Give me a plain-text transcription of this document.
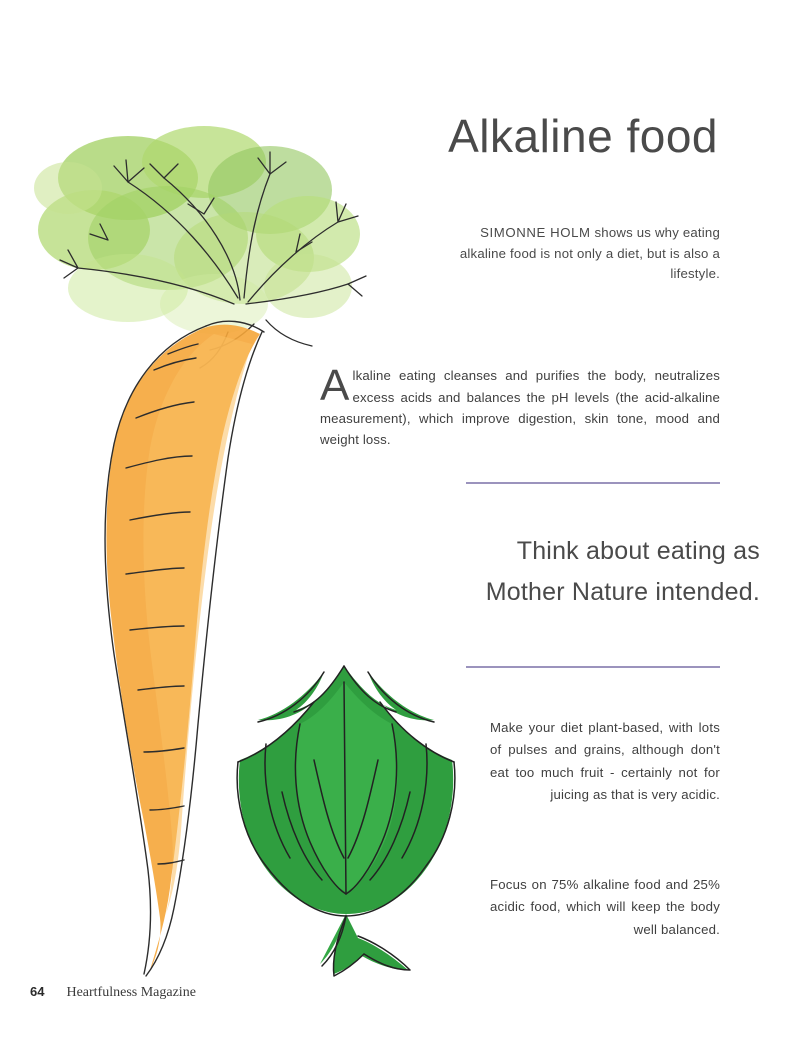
Alkaline food

SIMONNE HOLM shows us why eating alkaline food is not only a diet, but is also a lifestyle.

Alkaline eating cleanses and purifies the body, neutralizes excess acids and balances the pH levels (the acid-alkaline measurement), which improve digestion, skin tone, mood and weight loss.

Think about eating as Mother Nature intended.

Make your diet plant-based, with lots of pulses and grains, although don't eat too much fruit - certainly not for juicing as that is very acidic.

Focus on 75% alkaline food and 25% acidic food, which will keep the body well balanced.

64 Heartfulness Magazine
